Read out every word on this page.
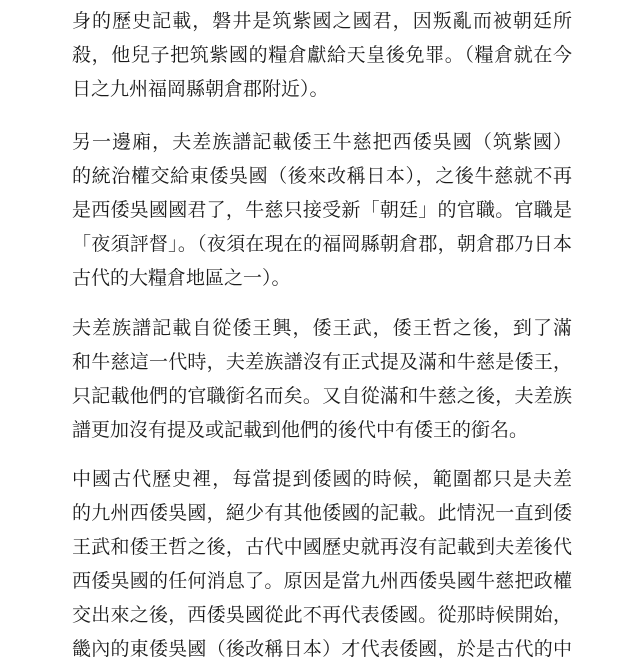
身的歷史記載，磐井是筑紫國之國君，因叛亂而被朝廷所
殺，他兒子把筑紫國的糧倉獻給天皇後免罪。（糧倉就在今
日之九州福岡縣朝倉郡附近）。
另一邊廂，夫差族譜記載倭王牛慈把西倭吳國（筑紫國）
的統治權交給東倭吳國（後來改稱日本），之後牛慈就不再
是西倭吳國國君了，牛慈只接受新「朝廷」的官職。官職是
「夜須評督」。（夜須在現在的福岡縣朝倉郡，朝倉郡乃日本
古代的大糧倉地區之一）。
夫差族譜記載自從倭王興，倭王武，倭王哲之後，到了滿
和牛慈這一代時，夫差族譜沒有正式提及滿和牛慈是倭王，
只記載他們的官職銜名而矣。又自從滿和牛慈之後，夫差族
譜更加沒有提及或記載到他們的後代中有倭王的銜名。
中國古代歷史裡，每當提到倭國的時候，範圍都只是夫差
的九州西倭吳國，絕少有其他倭國的記載。此情況一直到倭
王武和倭王哲之後，古代中國歷史就再沒有記載到夫差後代
西倭吳國的任何消息了。原因是當九州西倭吳國牛慈把政權
交出來之後，西倭吳國從此不再代表倭國。從那時候開始，
畿內的東倭吳國（後改稱日本）才代表倭國，於是古代的中
